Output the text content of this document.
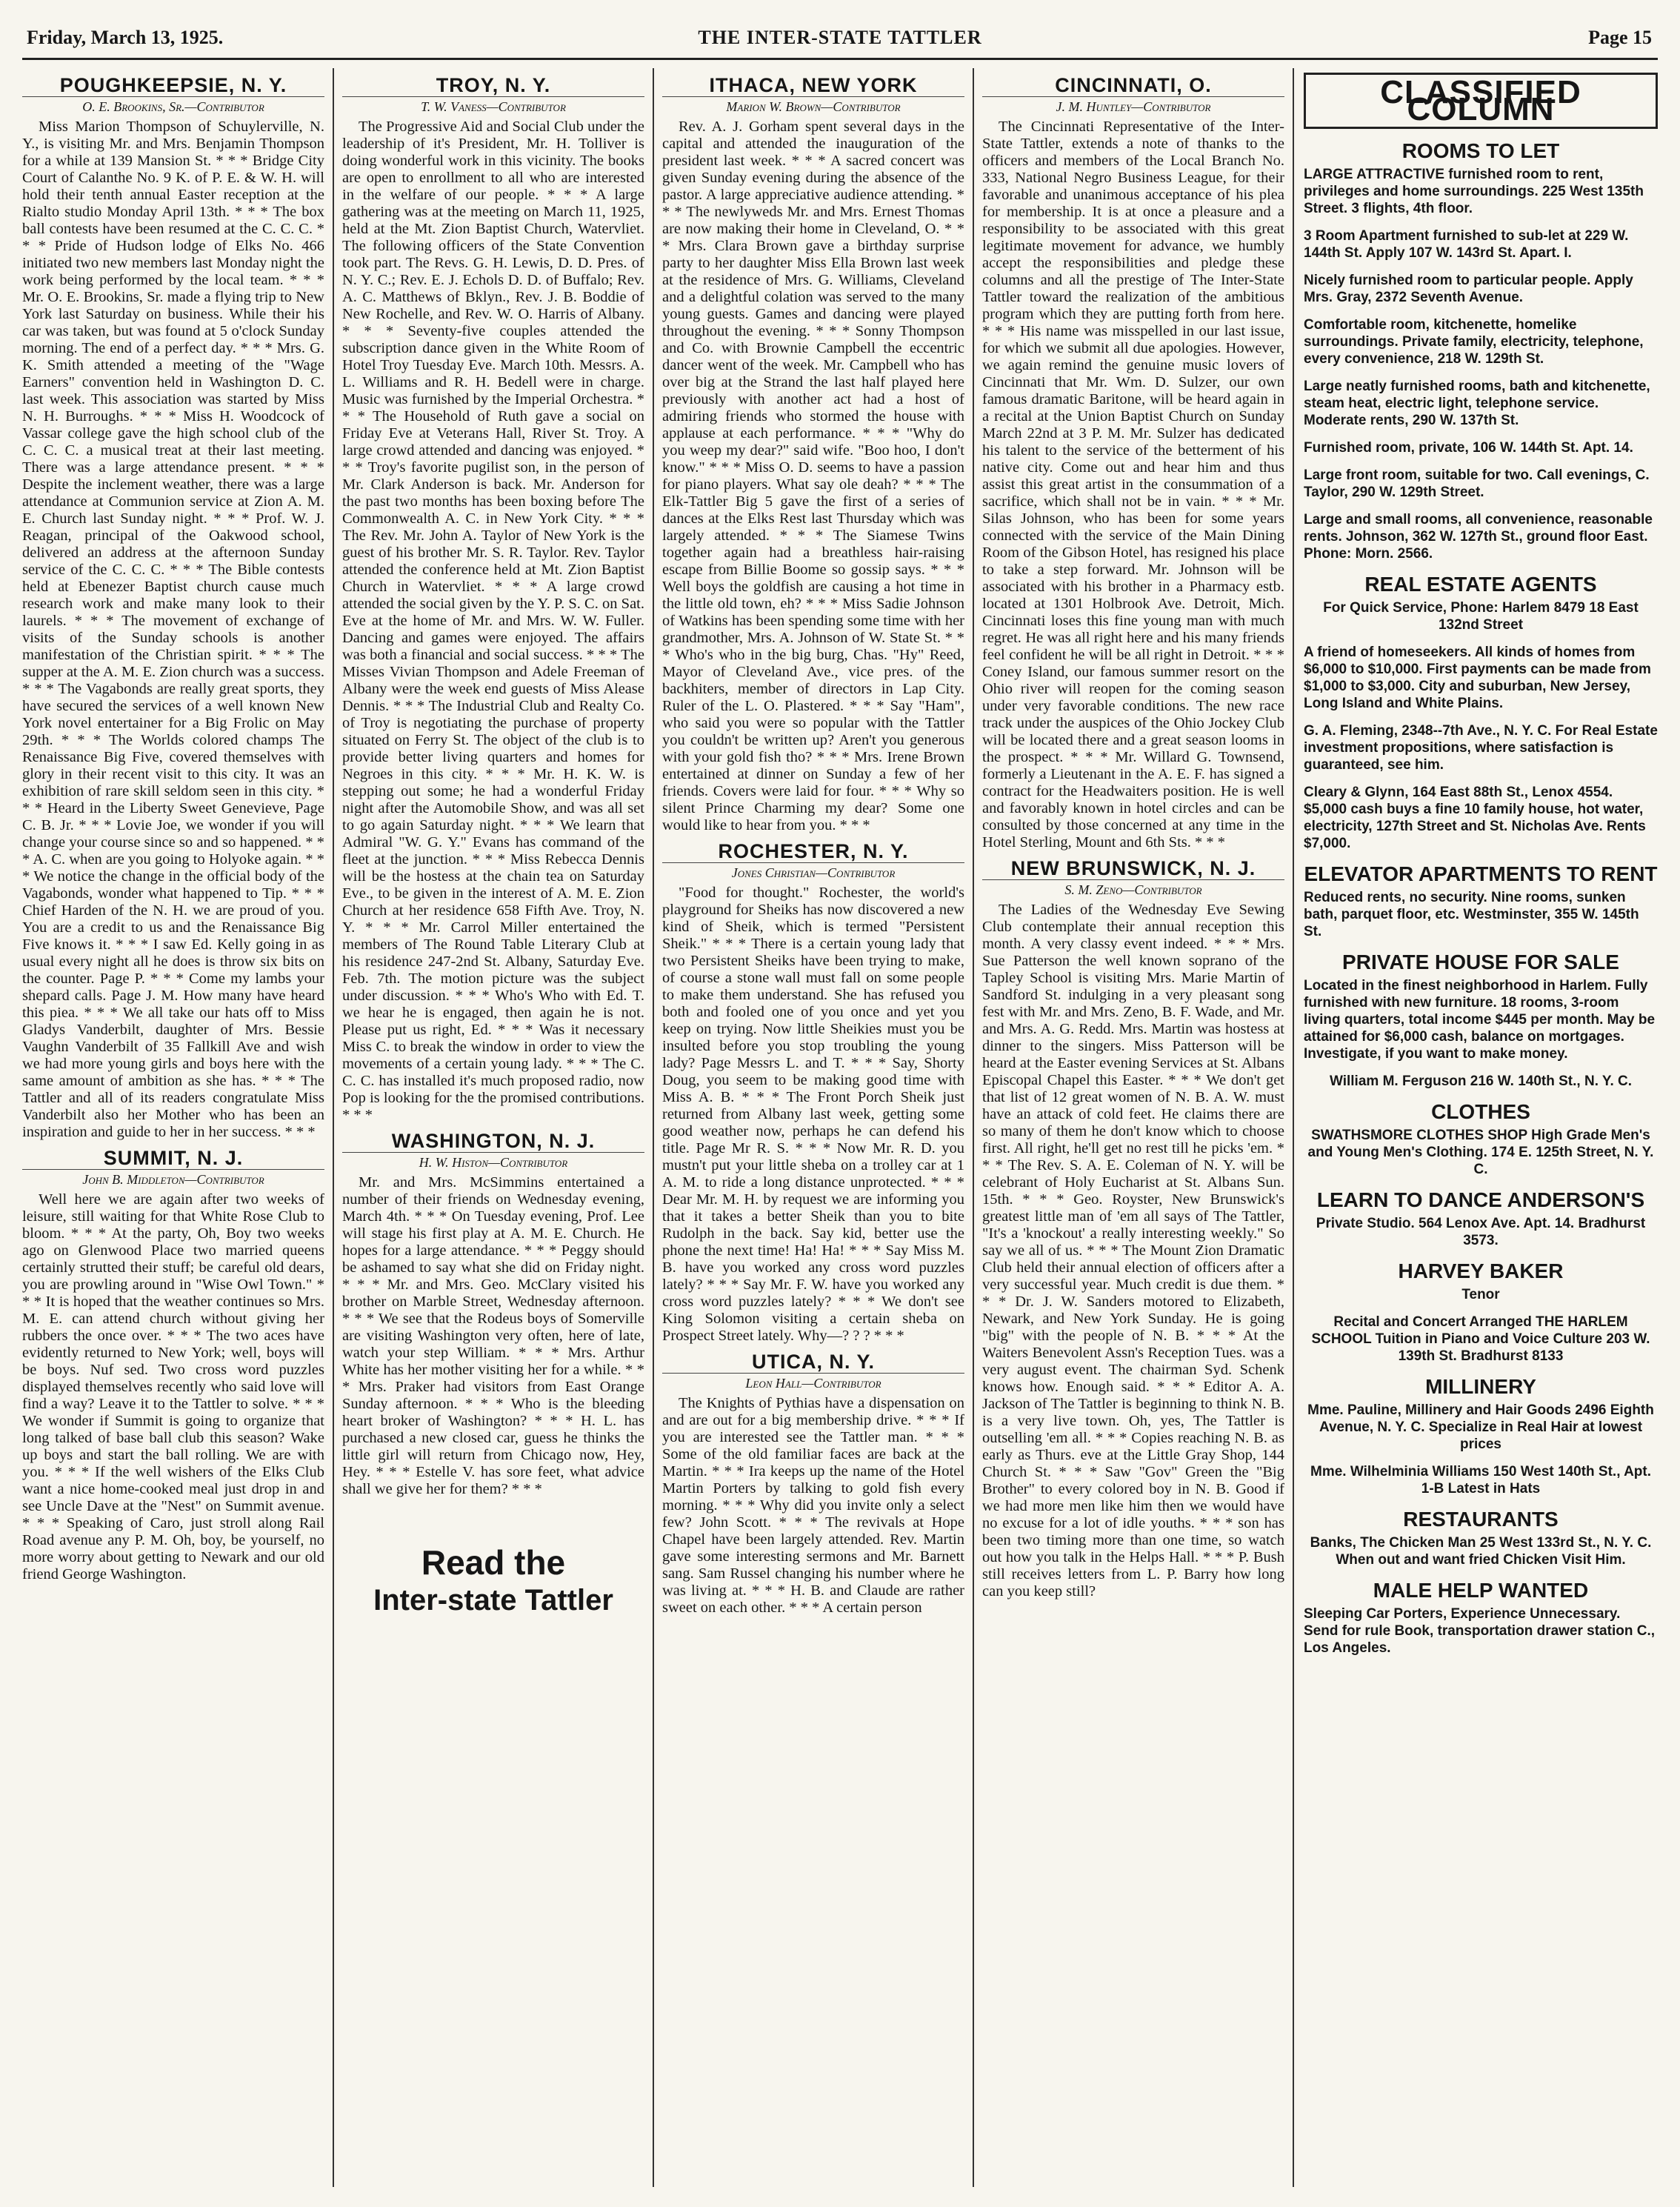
Friday, March 13, 1925.	THE INTER-STATE TATTLER	Page 15
POUGHKEEPSIE, N. Y.
O. E. Brookins, Sr.—Contributor

Miss Marion Thompson of Schuylerville, N. Y., is visiting Mr. and Mrs. Benjamin Thompson for a while at 139 Mansion St. * * * Bridge City Court of Calanthe No. 9 K. of P. E. & W. H. will hold their tenth annual Easter reception at the Rialto studio Monday April 13th. * * * The box ball contests have been resumed at the C. C. C. * * * Pride of Hudson lodge of Elks No. 466 initiated two new members last Monday night the work being performed by the local team. * * * Mr. O. E. Brookins, Sr. made a flying trip to New York last Saturday on business. While their his car was taken, but was found at 5 o'clock Sunday morning. The end of a perfect day. * * * Mrs. G. K. Smith attended a meeting of the "Wage Earners" convention held in Washington D. C. last week. This association was started by Miss N. H. Burroughs. * * * Miss H. Woodcock of Vassar college gave the high school club of the C. C. C. a musical treat at their last meeting. There was a large attendance present. * * * Despite the inclement weather, there was a large attendance at Communion service at Zion A. M. E. Church last Sunday night. * * * Prof. W. J. Reagan, principal of the Oakwood school, delivered an address at the afternoon Sunday service of the C. C. C. * * * The Bible contests held at Ebenezer Baptist church cause much research work and make many look to their laurels. * * * The movement of exchange of visits of the Sunday schools is another manifestation of the Christian spirit. * * * The supper at the A. M. E. Zion church was a success. * * * The Vagabonds are really great sports, they have secured the services of a well known New York novel entertainer for a Big Frolic on May 29th. * * * The Worlds colored champs The Renaissance Big Five, covered themselves with glory in their recent visit to this city. It was an exhibition of rare skill seldom seen in this city. * * * Heard in the Liberty Sweet Genevieve, Page C. B. Jr. * * * Lovie Joe, we wonder if you will change your course since so and so happened. * * * A. C. when are you going to Holyoke again. * * * We notice the change in the official body of the Vagabonds, wonder what happened to Tip. * * * Chief Harden of the N. H. we are proud of you. You are a credit to us and the Renaissance Big Five knows it. * * * I saw Ed. Kelly going in as usual every night all he does is throw six bits on the counter. Page P. * * * Come my lambs your shepard calls. Page J. M. How many have heard this piea. * * * We all take our hats off to Miss Gladys Vanderbilt, daughter of Mrs. Bessie Vaughn Vanderbilt of 35 Fallkill Ave and wish we had more young girls and boys here with the same amount of ambition as she has. * * * The Tattler and all of its readers congratulate Miss Vanderbilt also her Mother who has been an inspiration and guide to her in her success. * * *

SUMMIT, N. J.
John B. Middleton—Contributor

Well here we are again after two weeks of leisure, still waiting for that White Rose Club to bloom. * * * At the party, Oh, Boy two weeks ago on Glenwood Place two married queens certainly strutted their stuff; be careful old dears, you are prowling around in "Wise Owl Town." * * * It is hoped that the weather continues so Mrs. M. E. can attend church without giving her rubbers the once over. * * * The two aces have evidently returned to New York; well, boys will be boys. Nuf sed. Two cross word puzzles displayed themselves recently who said love will find a way? Leave it to the Tattler to solve. * * * We wonder if Summit is going to organize that long talked of base ball club this season? Wake up boys and start the ball rolling. We are with you. * * * If the well wishers of the Elks Club want a nice home-cooked meal just drop in and see Uncle Dave at the "Nest" on Summit avenue. * * * Speaking of Caro, just stroll along Rail Road avenue any P. M. Oh, boy, be yourself, no more worry about getting to Newark and our old friend George Washington.

TROY, N. Y.
T. W. Vaness—Contributor

The Progressive Aid and Social Club under the leadership of it's President, Mr. H. Tolliver is doing wonderful work in this vicinity. The books are open to enrollment to all who are interested in the welfare of our people. * * * A large gathering was at the meeting on March 11, 1925, held at the Mt. Zion Baptist Church, Watervliet. The following officers of the State Convention took part. The Revs. G. H. Lewis, D. D. Pres. of N. Y. C.; Rev. E. J. Echols D. D. of Buffalo; Rev. A. C. Matthews of Bklyn., Rev. J. B. Boddie of New Rochelle, and Rev. W. O. Harris of Albany. * * * Seventy-five couples attended the subscription dance given in the White Room of Hotel Troy Tuesday Eve. March 10th. Messrs. A. L. Williams and R. H. Bedell were in charge. Music was furnished by the Imperial Orchestra. * * * The Household of Ruth gave a social on Friday Eve at Veterans Hall, River St. Troy. A large crowd attended and dancing was enjoyed. * * * Troy's favorite pugilist son, in the person of Mr. Clark Anderson is back. Mr. Anderson for the past two months has been boxing before The Commonwealth A. C. in New York City. * * * The Rev. Mr. John A. Taylor of New York is the guest of his brother Mr. S. R. Taylor. Rev. Taylor attended the conference held at Mt. Zion Baptist Church in Watervliet. * * * A large crowd attended the social given by the Y. P. S. C. on Sat. Eve at the home of Mr. and Mrs. W. W. Fuller. Dancing and games were enjoyed. The affairs was both a financial and social success. * * * The Misses Vivian Thompson and Adele Freeman of Albany were the week end guests of Miss Alease Dennis. * * * The Industrial Club and Realty Co. of Troy is negotiating the purchase of property situated on Ferry St. The object of the club is to provide better living quarters and homes for Negroes in this city. * * * Mr. H. K. W. is stepping out some; he had a wonderful Friday night after the Automobile Show, and was all set to go again Saturday night. * * * We learn that Admiral "W. G. Y." Evans has command of the fleet at the junction. * * * Miss Rebecca Dennis will be the hostess at the chain tea on Saturday Eve., to be given in the interest of A. M. E. Zion Church at her residence 658 Fifth Ave. Troy, N. Y. * * * Mr. Carrol Miller entertained the members of The Round Table Literary Club at his residence 247-2nd St. Albany, Saturday Eve. Feb. 7th. The motion picture was the subject under discussion. * * * Who's Who with Ed. T. we hear he is engaged, then again he is not. Please put us right, Ed. * * * Was it necessary Miss C. to break the window in order to view the movements of a certain young lady. * * * The C. C. C. has installed it's much proposed radio, now Pop is looking for the the promised contributions. * * *

WASHINGTON, N. J.
H. W. Histon—Contributor

Mr. and Mrs. McSimmins entertained a number of their friends on Wednesday evening, March 4th. * * * On Tuesday evening, Prof. Lee will stage his first play at A. M. E. Church. He hopes for a large attendance. * * * Peggy should be ashamed to say what she did on Friday night. * * * Mr. and Mrs. Geo. McClary visited his brother on Marble Street, Wednesday afternoon. * * * We see that the Rodeus boys of Somerville are visiting Washington very often, here of late, watch your step William. * * * Mrs. Arthur White has her mother visiting her for a while. * * * Mrs. Praker had visitors from East Orange Sunday afternoon. * * * Who is the bleeding heart broker of Washington? * * * H. L. has purchased a new closed car, guess he thinks the little girl will return from Chicago now, Hey, Hey. * * * Estelle V. has sore feet, what advice shall we give her for them? * * *

Read the
Inter-state Tattler
ITHACA, NEW YORK
Marion W. Brown—Contributor

Rev. A. J. Gorham spent several days in the capital and attended the inauguration of the president last week. * * * A sacred concert was given Sunday evening during the absence of the pastor. A large appreciative audience attending. * * * The newlyweds Mr. and Mrs. Ernest Thomas are now making their home in Cleveland, O. * * * Mrs. Clara Brown gave a birthday surprise party to her daughter Miss Ella Brown last week at the residence of Mrs. G. Williams, Cleveland and a delightful colation was served to the many young guests. Games and dancing were played throughout the evening. * * * Sonny Thompson and Co. with Brownie Campbell the eccentric dancer went of the week. Mr. Campbell who has over big at the Strand the last half played here previously with another act had a host of admiring friends who stormed the house with applause at each performance. * * * "Why do you weep my dear?" said wife. "Boo hoo, I don't know." * * * Miss O. D. seems to have a passion for piano players. What say ole deah? * * * The Elk-Tattler Big 5 gave the first of a series of dances at the Elks Rest last Thursday which was largely attended. * * * The Siamese Twins together again had a breathless hair-raising escape from Billie Boome so gossip says. * * * Well boys the goldfish are causing a hot time in the little old town, eh? * * * Miss Sadie Johnson of Watkins has been spending some time with her grandmother, Mrs. A. Johnson of W. State St. * * * Who's who in the big burg, Chas. "Hy" Reed, Mayor of Cleveland Ave., vice pres. of the backhiters, member of directors in Lap City. Ruler of the L. O. Plastered. * * * Say "Ham", who said you were so popular with the Tattler you couldn't be written up? Aren't you generous with your gold fish tho? * * * Mrs. Irene Brown entertained at dinner on Sunday a few of her friends. Covers were laid for four. * * * Why so silent Prince Charming my dear? Some one would like to hear from you. * * *

ROCHESTER, N. Y.
Jones Christian—Contributor

"Food for thought." Rochester, the world's playground for Sheiks has now discovered a new kind of Sheik, which is termed "Persistent Sheik." * * * There is a certain young lady that two Persistent Sheiks have been trying to make, of course a stone wall must fall on some people to make them understand. She has refused you both and fooled one of you once and yet you keep on trying. Now little Sheikies must you be insulted before you stop troubling the young lady? Page Messrs L. and T. * * * Say, Shorty Doug, you seem to be making good time with Miss A. B. * * * The Front Porch Sheik just returned from Albany last week, getting some good weather now, perhaps he can defend his title. Page Mr R. S. * * * Now Mr. R. D. you mustn't put your little sheba on a trolley car at 1 A. M. to ride a long distance unprotected. * * * Dear Mr. M. H. by request we are informing you that it takes a better Sheik than you to bite Rudolph in the back. Say kid, better use the phone the next time! Ha! Ha! * * * Say Miss M. B. have you worked any cross word puzzles lately? * * * Say Mr. F. W. have you worked any cross word puzzles lately? * * * We don't see King Solomon visiting a certain sheba on Prospect Street lately. Why—? ? ? * * *

UTICA, N. Y.
Leon Hall—Contributor

The Knights of Pythias have a dispensation on and are out for a big membership drive. * * * If you are interested see the Tattler man. * * * Some of the old familiar faces are back at the Martin. * * * Ira keeps up the name of the Hotel Martin Porters by talking to gold fish every morning. * * * Why did you invite only a select few? John Scott. * * * The revivals at Hope Chapel have been largely attended. Rev. Martin gave some interesting sermons and Mr. Barnett sang. Sam Russel changing his number where he was living at. * * * H. B. and Claude are rather sweet on each other. * * * A certain person

CINCINNATI, O.
J. M. Huntley—Contributor

The Cincinnati Representative of the Inter-State Tattler, extends a note of thanks to the officers and members of the Local Branch No. 333, National Negro Business League, for their favorable and unanimous acceptance of his plea for membership. It is at once a pleasure and a responsibility to be associated with this great legitimate movement for advance, we humbly accept the responsibilities and pledge these columns and all the prestige of The Inter-State Tattler toward the realization of the ambitious program which they are putting forth from here. * * * His name was misspelled in our last issue, for which we submit all due apologies. However, we again remind the genuine music lovers of Cincinnati that Mr. Wm. D. Sulzer, our own famous dramatic Baritone, will be heard again in a recital at the Union Baptist Church on Sunday March 22nd at 3 P. M. Mr. Sulzer has dedicated his talent to the service of the betterment of his native city. Come out and hear him and thus assist this great artist in the consummation of a sacrifice, which shall not be in vain. * * * Mr. Silas Johnson, who has been for some years connected with the service of the Main Dining Room of the Gibson Hotel, has resigned his place to take a step forward. Mr. Johnson will be associated with his brother in a Pharmacy estb. located at 1301 Holbrook Ave. Detroit, Mich. Cincinnati loses this fine young man with much regret. He was all right here and his many friends feel confident he will be all right in Detroit. * * * Coney Island, our famous summer resort on the Ohio river will reopen for the coming season under very favorable conditions. The new race track under the auspices of the Ohio Jockey Club will be located there and a great season looms in the prospect. * * * Mr. Willard G. Townsend, formerly a Lieutenant in the A. E. F. has signed a contract for the Headwaiters position. He is well and favorably known in hotel circles and can be consulted by those concerned at any time in the Hotel Sterling, Mount and 6th Sts. * * *

NEW BRUNSWICK, N. J.
S. M. Zeno—Contributor

The Ladies of the Wednesday Eve Sewing Club contemplate their annual reception this month. A very classy event indeed. * * * Mrs. Sue Patterson the well known soprano of the Tapley School is visiting Mrs. Marie Martin of Sandford St. indulging in a very pleasant song fest with Mr. and Mrs. Zeno, B. F. Wade, and Mr. and Mrs. A. G. Redd. Mrs. Martin was hostess at dinner to the singers. Miss Patterson will be heard at the Easter evening Services at St. Albans Episcopal Chapel this Easter. * * * We don't get that list of 12 great women of N. B. A. W. must have an attack of cold feet. He claims there are so many of them he don't know which to choose first. All right, he'll get no rest till he picks 'em. * * * The Rev. S. A. E. Coleman of N. Y. will be celebrant of Holy Eucharist at St. Albans Sun. 15th. * * * Geo. Royster, New Brunswick's greatest little man of 'em all says of The Tattler, "It's a 'knockout' a really interesting weekly." So say we all of us. * * * The Mount Zion Dramatic Club held their annual election of officers after a very successful year. Much credit is due them. * * * Dr. J. W. Sanders motored to Elizabeth, Newark, and New York Sunday. He is going "big" with the people of N. B. * * * At the Waiters Benevolent Assn's Reception Tues. was a very august event. The chairman Syd. Schenk knows how. Enough said. * * * Editor A. A. Jackson of The Tattler is beginning to think N. B. is a very live town. Oh, yes, The Tattler is outselling 'em all. * * * Copies reaching N. B. as early as Thurs. eve at the Little Gray Shop, 144 Church St. * * * Saw "Gov" Green the "Big Brother" to every colored boy in N. B. Good if we had more men like him then we would have no excuse for a lot of idle youths. * * * son has been two timing more than one time, so watch out how you talk in the Helps Hall. * * * P. Bush still receives letters from L. P. Barry how long can you keep still?

CLASSIFIED COLUMN
ROOMS TO LET

LARGE ATTRACTIVE furnished room to rent, privileges and home surroundings. 225 West 135th Street. 3 flights, 4th floor.

3 Room Apartment furnished to sub-let at 229 W. 144th St. Apply 107 W. 143rd St. Apart. I.

Nicely furnished room to particular people. Apply Mrs. Gray, 2372 Seventh Avenue.

Comfortable room, kitchenette, homelike surroundings. Private family, electricity, telephone, every convenience, 218 W. 129th St.

Large neatly furnished rooms, bath and kitchenette, steam heat, electric light, telephone service. Moderate rents, 290 W. 137th St.

Furnished room, private, 106 W. 144th St. Apt. 14.

Large front room, suitable for two. Call evenings, C. Taylor, 290 W. 129th Street.

Large and small rooms, all convenience, reasonable rents. Johnson, 362 W. 127th St., ground floor East. Phone: Morn. 2566.

REAL ESTATE AGENTS

For Quick Service, Phone: Harlem 8479 18 East 132nd Street

A friend of homeseekers. All kinds of homes from $6,000 to $10,000. First payments can be made from $1,000 to $3,000. City and suburban, New Jersey, Long Island and White Plains.

G. A. Fleming, 2348--7th Ave., N. Y. C. For Real Estate investment propositions, where satisfaction is guaranteed, see him.

Cleary & Glynn, 164 East 88th St., Lenox 4554. $5,000 cash buys a fine 10 family house, hot water, electricity, 127th Street and St. Nicholas Ave. Rents $7,000.

ELEVATOR APARTMENTS TO RENT

Reduced rents, no security. Nine rooms, sunken bath, parquet floor, etc. Westminster, 355 W. 145th St.

PRIVATE HOUSE FOR SALE

Located in the finest neighborhood in Harlem. Fully furnished with new furniture. 18 rooms, 3-room living quarters, total income $445 per month. May be attained for $6,000 cash, balance on mortgages. Investigate, if you want to make money.

William M. Ferguson 216 W. 140th St., N. Y. C.

CLOTHES

SWATHSMORE CLOTHES SHOP High Grade Men's and Young Men's Clothing. 174 E. 125th Street, N. Y. C.

LEARN TO DANCE ANDERSON'S

Private Studio. 564 Lenox Ave. Apt. 14. Bradhurst 3573.

HARVEY BAKER

Tenor

Recital and Concert Arranged THE HARLEM SCHOOL Tuition in Piano and Voice Culture 203 W. 139th St. Bradhurst 8133

MILLINERY

Mme. Pauline, Millinery and Hair Goods 2496 Eighth Avenue, N. Y. C. Specialize in Real Hair at lowest prices

Mme. Wilhelminia Williams 150 West 140th St., Apt. 1-B Latest in Hats

RESTAURANTS

Banks, The Chicken Man 25 West 133rd St., N. Y. C. When out and want fried Chicken Visit Him.

MALE HELP WANTED

Sleeping Car Porters, Experience Unnecessary. Send for rule Book, transportation drawer station C., Los Angeles.
